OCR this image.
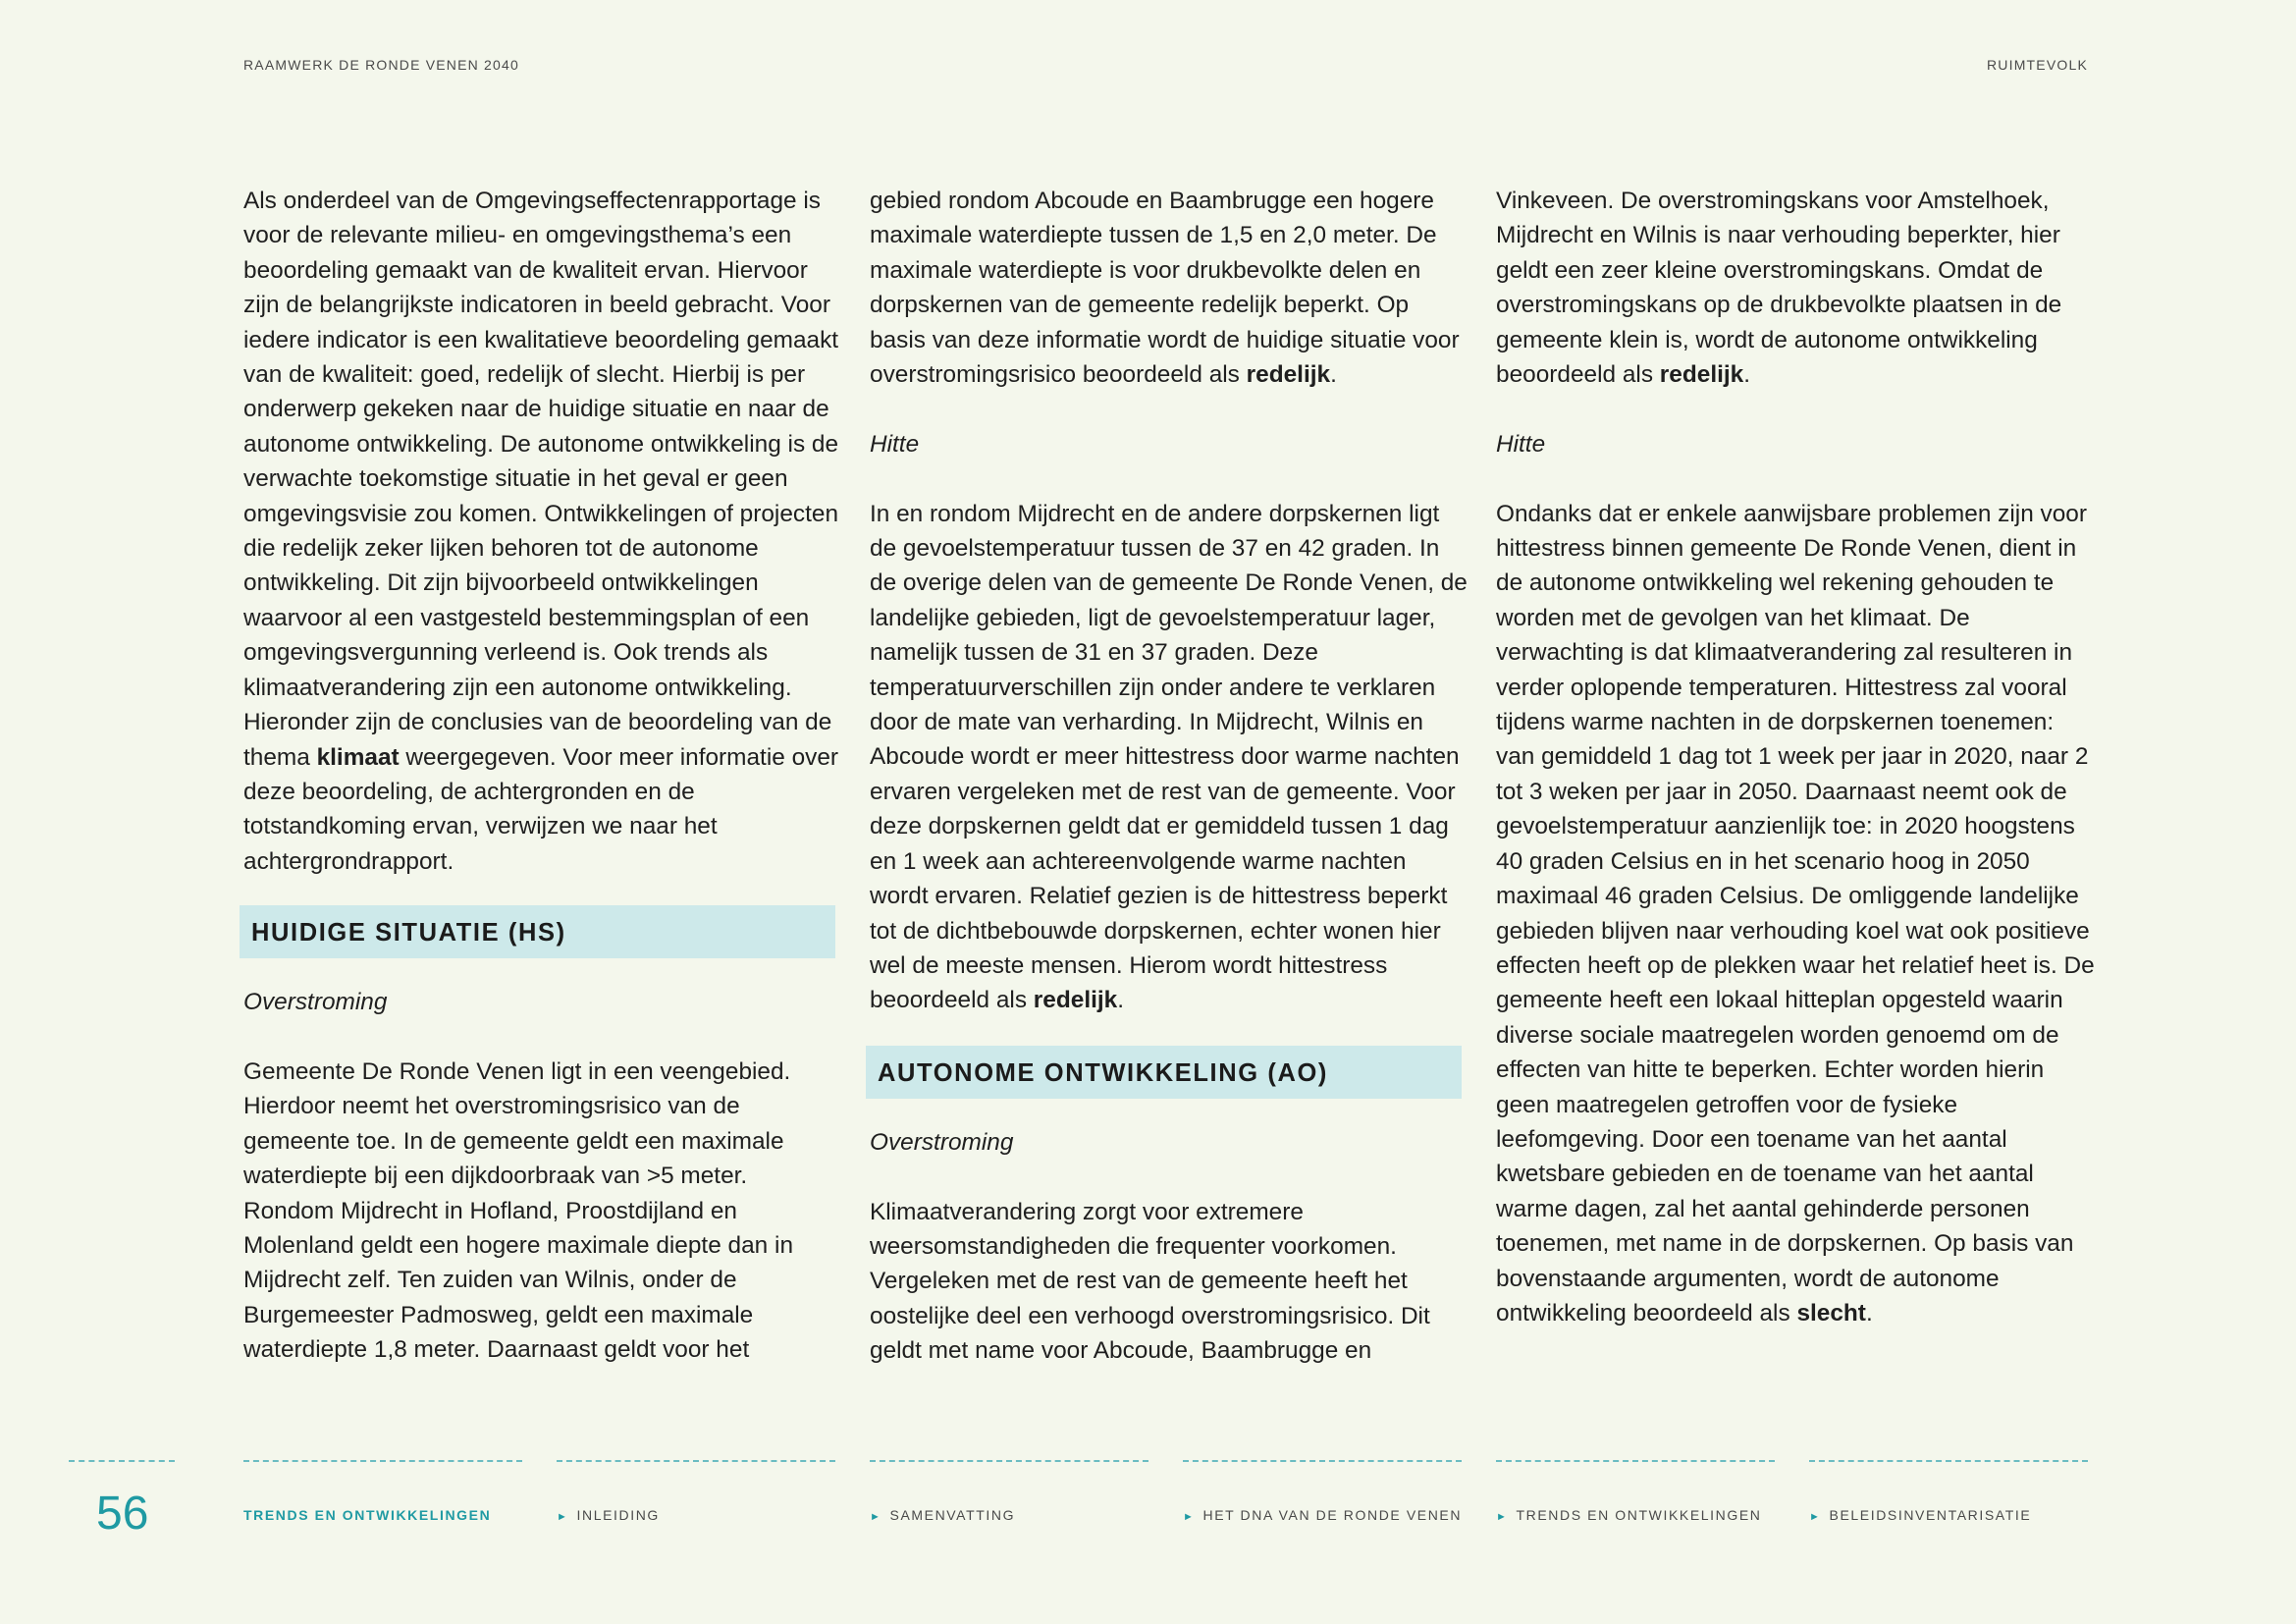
RAAMWERK DE RONDE VENEN 2040	RUIMTEVOLK

Als onderdeel van de Omgevingseffectenrapportage is voor de relevante milieu- en omgevingsthema’s een beoordeling gemaakt van de kwaliteit ervan. Hiervoor zijn de belangrijkste indicatoren in beeld gebracht. Voor iedere indicator is een kwalitatieve beoordeling gemaakt van de kwaliteit: goed, redelijk of slecht. Hierbij is per onderwerp gekeken naar de huidige situatie en naar de autonome ontwikkeling. De autonome ontwikkeling is de verwachte toekomstige situatie in het geval er geen omgevingsvisie zou komen. Ontwikkelingen of projecten die redelijk zeker lijken behoren tot de autonome ontwikkeling. Dit zijn bijvoorbeeld ontwikkelingen waarvoor al een vastgesteld bestemmingsplan of een omgevingsvergunning verleend is. Ook trends als klimaatverandering zijn een autonome ontwikkeling. Hieronder zijn de conclusies van de beoordeling van de thema klimaat weergegeven. Voor meer informatie over deze beoordeling, de achtergronden en de totstandkoming ervan, verwijzen we naar het achtergrondrapport.

HUIDIGE SITUATIE (HS)

Overstroming

Gemeente De Ronde Venen ligt in een veengebied. Hierdoor neemt het overstromingsrisico van de gemeente toe. In de gemeente geldt een maximale waterdiepte bij een dijkdoorbraak van >5 meter. Rondom Mijdrecht in Hofland, Proostdijland en Molenland geldt een hogere maximale diepte dan in Mijdrecht zelf. Ten zuiden van Wilnis, onder de Burgemeester Padmosweg, geldt een maximale waterdiepte 1,8 meter. Daarnaast geldt voor het

gebied rondom Abcoude en Baambrugge een hogere maximale waterdiepte tussen de 1,5 en 2,0 meter. De maximale waterdiepte is voor drukbevolkte delen en dorpskernen van de gemeente redelijk beperkt. Op basis van deze informatie wordt de huidige situatie voor overstromingsrisico beoordeeld als redelijk.

Hitte

In en rondom Mijdrecht en de andere dorpskernen ligt de gevoelstemperatuur tussen de 37 en 42 graden. In de overige delen van de gemeente De Ronde Venen, de landelijke gebieden, ligt de gevoelstemperatuur lager, namelijk tussen de 31 en 37 graden. Deze temperatuurverschillen zijn onder andere te verklaren door de mate van verharding. In Mijdrecht, Wilnis en Abcoude wordt er meer hittestress door warme nachten ervaren vergeleken met de rest van de gemeente. Voor deze dorpskernen geldt dat er gemiddeld tussen 1 dag en 1 week aan achtereenvolgende warme nachten wordt ervaren. Relatief gezien is de hittestress beperkt tot de dichtbebouwde dorpskernen, echter wonen hier wel de meeste mensen. Hierom wordt hittestress beoordeeld als redelijk.

AUTONOME ONTWIKKELING (AO)

Overstroming

Klimaatverandering zorgt voor extremere weersomstandigheden die frequenter voorkomen. Vergeleken met de rest van de gemeente heeft het oostelijke deel een verhoogd overstromingsrisico. Dit geldt met name voor Abcoude, Baambrugge en

Vinkeveen. De overstromingskans voor Amstelhoek, Mijdrecht en Wilnis is naar verhouding beperkter, hier geldt een zeer kleine overstromingskans. Omdat de overstromingskans op de drukbevolkte plaatsen in de gemeente klein is, wordt de autonome ontwikkeling beoordeeld als redelijk.

Hitte

Ondanks dat er enkele aanwijsbare problemen zijn voor hittestress binnen gemeente De Ronde Venen, dient in de autonome ontwikkeling wel rekening gehouden te worden met de gevolgen van het klimaat. De verwachting is dat klimaatverandering zal resulteren in verder oplopende temperaturen. Hittestress zal vooral tijdens warme nachten in de dorpskernen toenemen: van gemiddeld 1 dag tot 1 week per jaar in 2020, naar 2 tot 3 weken per jaar in 2050. Daarnaast neemt ook de gevoelstemperatuur aanzienlijk toe: in 2020 hoogstens 40 graden Celsius en in het scenario hoog in 2050 maximaal 46 graden Celsius. De omliggende landelijke gebieden blijven naar verhouding koel wat ook positieve effecten heeft op de plekken waar het relatief heet is. De gemeente heeft een lokaal hitteplan opgesteld waarin diverse sociale maatregelen worden genoemd om de effecten van hitte te beperken. Echter worden hierin geen maatregelen getroffen voor de fysieke leefomgeving. Door een toename van het aantal kwetsbare gebieden en de toename van het aantal warme dagen, zal het aantal gehinderde personen toenemen, met name in de dorpskernen. Op basis van bovenstaande argumenten, wordt de autonome ontwikkeling beoordeeld als slecht.

56	TRENDS EN ONTWIKKELINGEN	► INLEIDING	► SAMENVATTING	► HET DNA VAN DE RONDE VENEN	► TRENDS EN ONTWIKKELINGEN	► BELEIDSINVENTARISATIE
